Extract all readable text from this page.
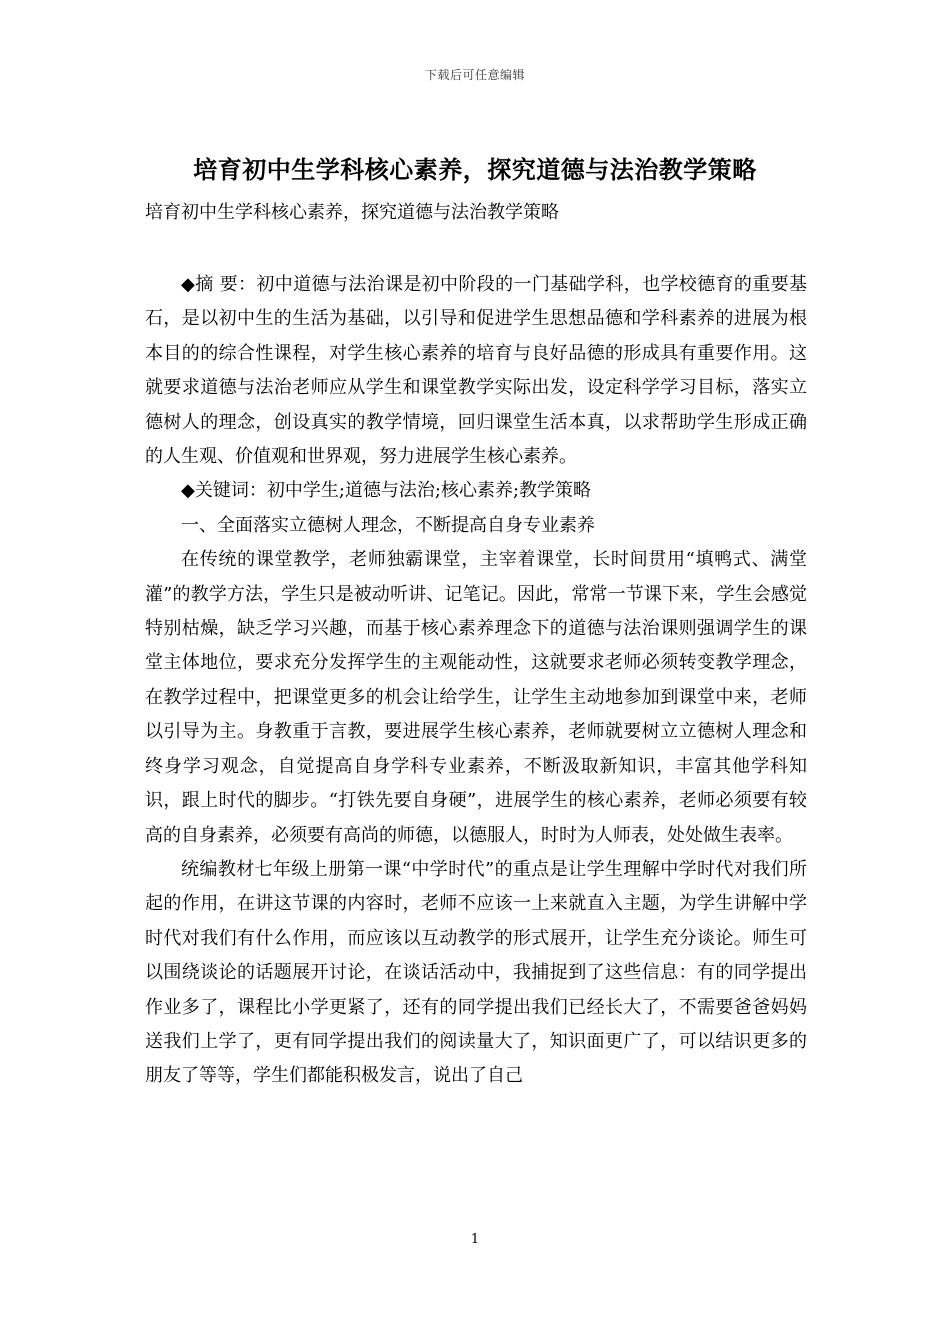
下载后可任意编辑
培育初中生学科核心素养，探究道德与法治教学策略
培育初中生学科核心素养，探究道德与法治教学策略

◆摘 要：初中道德与法治课是初中阶段的一门基础学科，也学校德育的重要基石，是以初中生的生活为基础，以引导和促进学生思想品德和学科素养的进展为根本目的的综合性课程，对学生核心素养的培育与良好品德的形成具有重要作用。这就要求道德与法治老师应从学生和课堂教学实际出发，设定科学学习目标，落实立德树人的理念，创设真实的教学情境，回归课堂生活本真，以求帮助学生形成正确的人生观、价值观和世界观，努力进展学生核心素养。

◆关键词：初中学生;道德与法治;核心素养;教学策略

一、全面落实立德树人理念，不断提高自身专业素养

在传统的课堂教学，老师独霸课堂，主宰着课堂，长时间贯用“填鸭式、满堂灌”的教学方法，学生只是被动听讲、记笔记。因此，常常一节课下来，学生会感觉特别枯燥，缺乏学习兴趣，而基于核心素养理念下的道德与法治课则强调学生的课堂主体地位，要求充分发挥学生的主观能动性，这就要求老师必须转变教学理念，在教学过程中，把课堂更多的机会让给学生，让学生主动地参加到课堂中来，老师以引导为主。身教重于言教，要进展学生核心素养，老师就要树立立德树人理念和终身学习观念，自觉提高自身学科专业素养，不断汲取新知识，丰富其他学科知识，跟上时代的脚步。“打铁先要自身硬”，进展学生的核心素养，老师必须要有较高的自身素养，必须要有高尚的师德，以德服人，时时为人师表，处处做生表率。

统编教材七年级上册第一课“中学时代”的重点是让学生理解中学时代对我们所起的作用，在讲这节课的内容时，老师不应该一上来就直入主题，为学生讲解中学时代对我们有什么作用，而应该以互动教学的形式展开，让学生充分谈论。师生可以围绕谈论的话题展开讨论，在谈话活动中，我捕捉到了这些信息：有的同学提出作业多了，课程比小学更紧了，还有的同学提出我们已经长大了，不需要爸爸妈妈送我们上学了，更有同学提出我们的阅读量大了，知识面更广了，可以结识更多的朋友了等等，学生们都能积极发言，说出了自己

1
